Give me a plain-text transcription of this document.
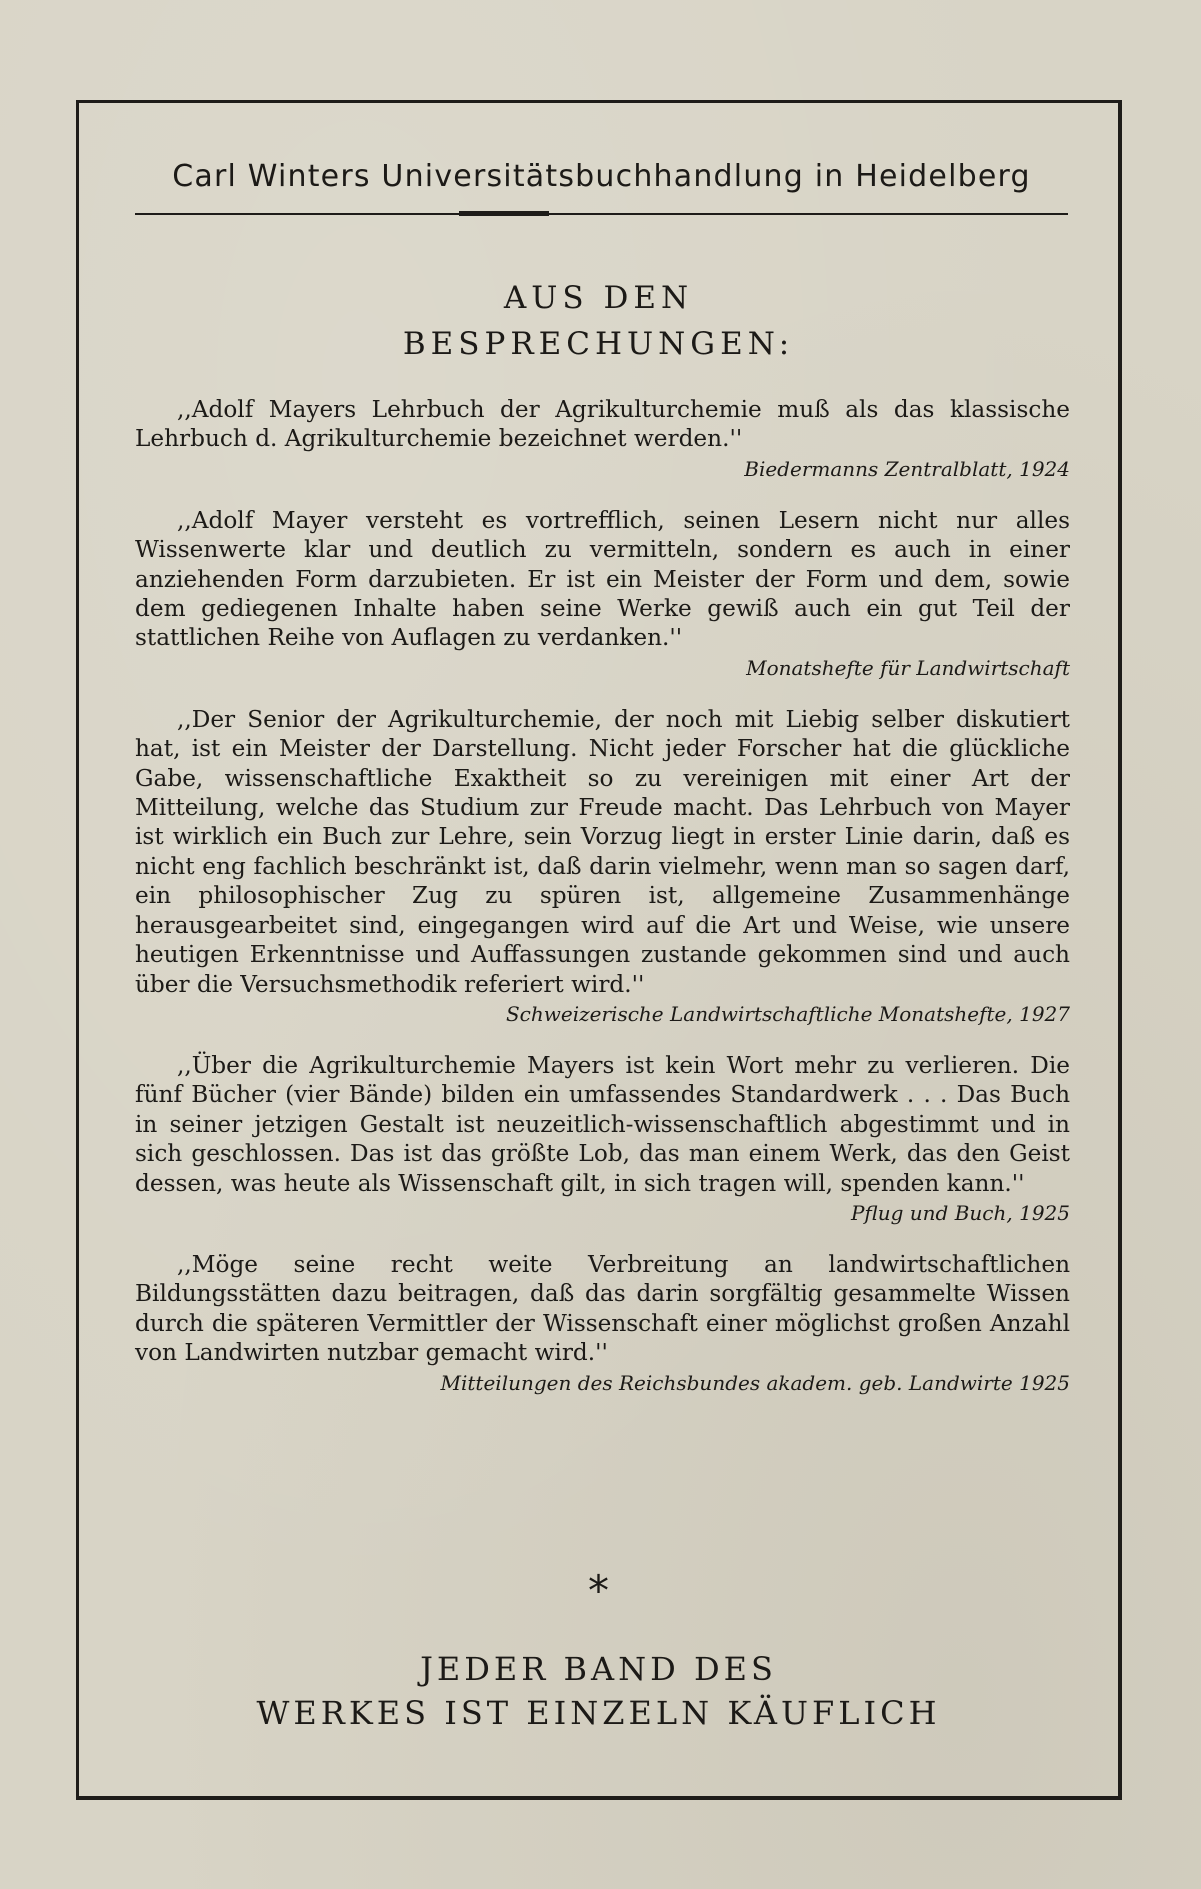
Carl Winters Universitätsbuchhandlung in Heidelberg
AUS DEN
BESPRECHUNGEN:

,,Adolf Mayers Lehrbuch der Agrikulturchemie muß als das klassische Lehrbuch d. Agrikulturchemie bezeichnet werden.''

Biedermanns Zentralblatt, 1924

,,Adolf Mayer versteht es vortrefflich, seinen Lesern nicht nur alles Wissenwerte klar und deutlich zu vermitteln, sondern es auch in einer anziehenden Form darzubieten. Er ist ein Meister der Form und dem, sowie dem gediegenen Inhalte haben seine Werke gewiß auch ein gut Teil der stattlichen Reihe von Auflagen zu verdanken.''

Monatshefte für Landwirtschaft

,,Der Senior der Agrikulturchemie, der noch mit Liebig selber diskutiert hat, ist ein Meister der Darstellung. Nicht jeder Forscher hat die glückliche Gabe, wissenschaftliche Exaktheit so zu vereinigen mit einer Art der Mitteilung, welche das Studium zur Freude macht. Das Lehrbuch von Mayer ist wirklich ein Buch zur Lehre, sein Vorzug liegt in erster Linie darin, daß es nicht eng fachlich beschränkt ist, daß darin vielmehr, wenn man so sagen darf, ein philosophischer Zug zu spüren ist, allgemeine Zusammenhänge herausgearbeitet sind, eingegangen wird auf die Art und Weise, wie unsere heutigen Erkenntnisse und Auffassungen zustande gekommen sind und auch über die Versuchsmethodik referiert wird.''

Schweizerische Landwirtschaftliche Monatshefte, 1927

,,Über die Agrikulturchemie Mayers ist kein Wort mehr zu verlieren. Die fünf Bücher (vier Bände) bilden ein umfassendes Standardwerk . . . Das Buch in seiner jetzigen Gestalt ist neuzeitlich-wissenschaftlich abgestimmt und in sich geschlossen. Das ist das größte Lob, das man einem Werk, das den Geist dessen, was heute als Wissenschaft gilt, in sich tragen will, spenden kann.''

Pflug und Buch, 1925

,,Möge seine recht weite Verbreitung an landwirtschaftlichen Bildungsstätten dazu beitragen, daß das darin sorgfältig gesammelte Wissen durch die späteren Vermittler der Wissenschaft einer möglichst großen Anzahl von Landwirten nutzbar gemacht wird.''

Mitteilungen des Reichsbundes akadem. geb. Landwirte 1925

*
JEDER BAND DES
WERKES IST EINZELN KÄUFLICH
